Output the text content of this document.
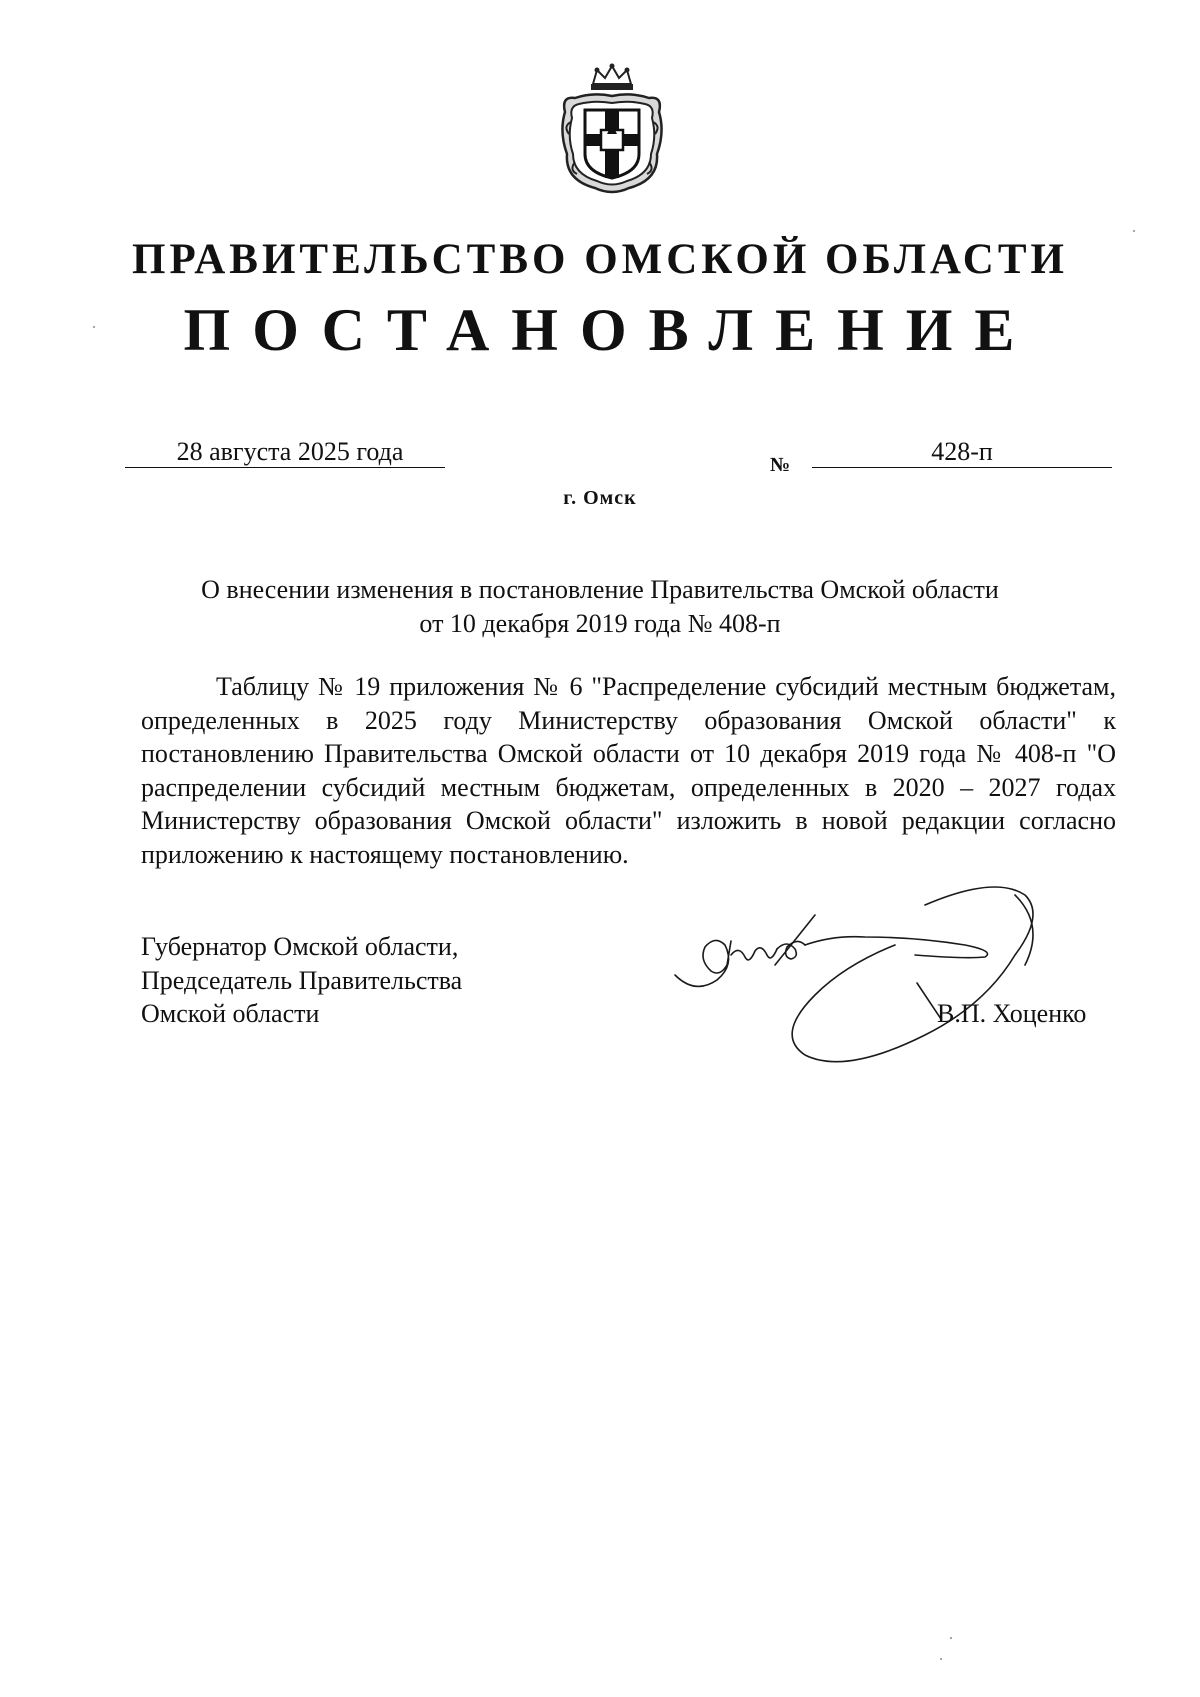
ПРАВИТЕЛЬСТВО ОМСКОЙ ОБЛАСТИ
ПОСТАНОВЛЕНИЕ
28 августа 2025 года	№	428-п
г. Омск
О внесении изменения в постановление Правительства Омской области
от 10 декабря 2019 года № 408-п

Таблицу № 19 приложения № 6 "Распределение субсидий местным бюджетам, определенных в 2025 году Министерству образования Омской области" к постановлению Правительства Омской области от 10 декабря 2019 года № 408-п "О распределении субсидий местным бюджетам, определенных в 2020 – 2027 годах Министерству образования Омской области" изложить в новой редакции согласно приложению к настоящему постановлению.

Губернатор Омской области,
Председатель Правительства
Омской области	В.П. Хоценко
